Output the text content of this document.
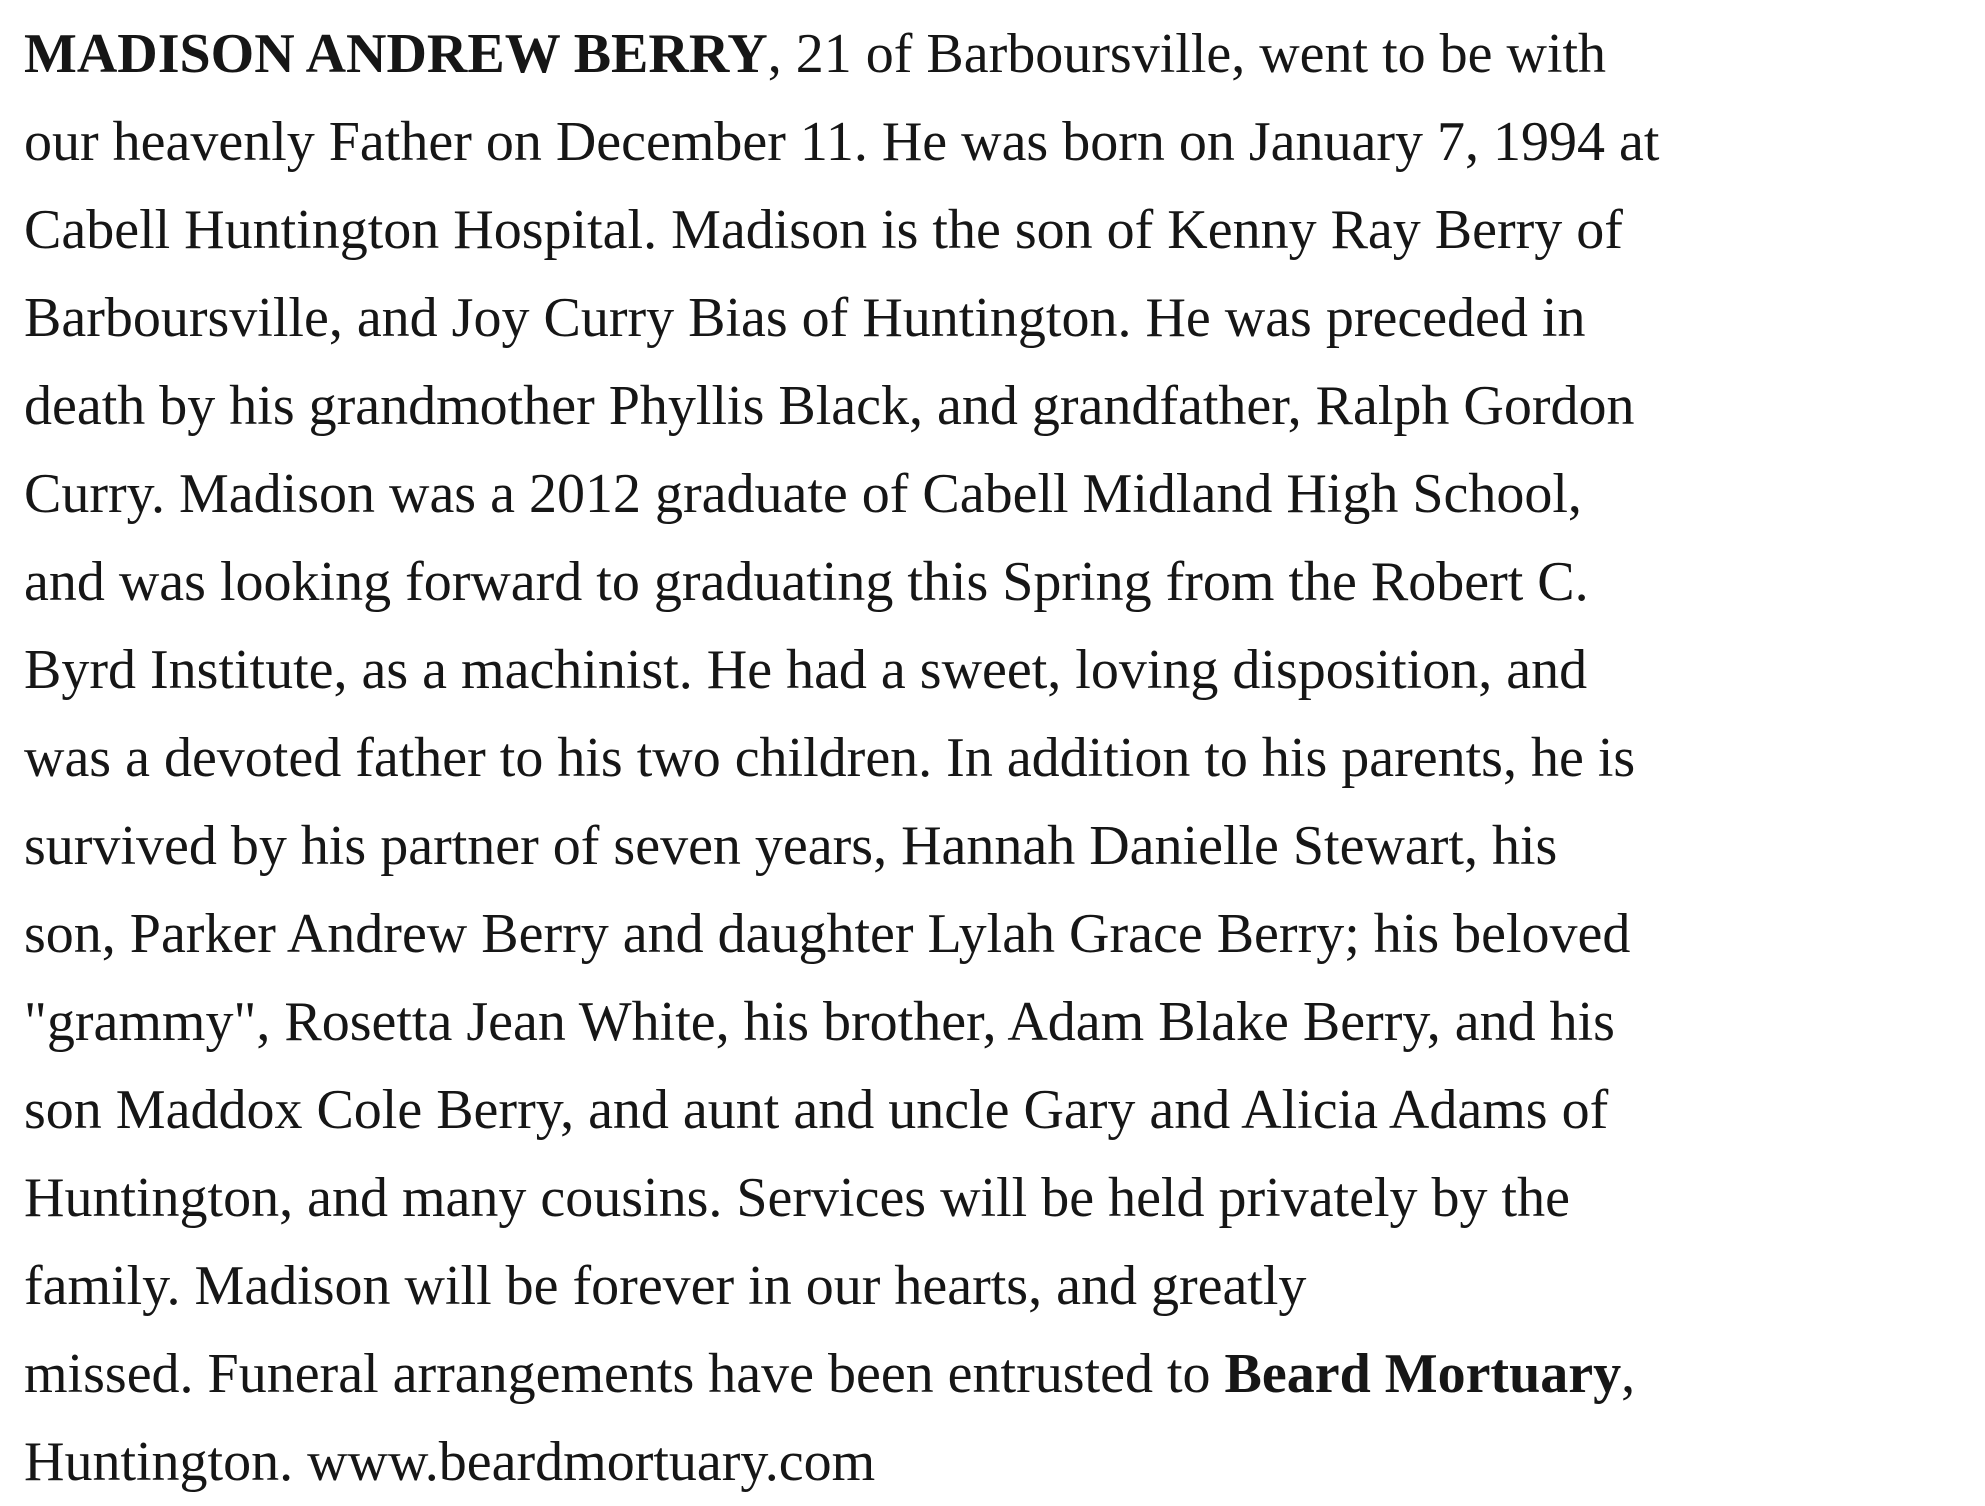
MADISON ANDREW BERRY, 21 of Barboursville, went to be with
our heavenly Father on December 11. He was born on January 7, 1994 at
Cabell Huntington Hospital. Madison is the son of Kenny Ray Berry of
Barboursville, and Joy Curry Bias of Huntington. He was preceded in
death by his grandmother Phyllis Black, and grandfather, Ralph Gordon
Curry. Madison was a 2012 graduate of Cabell Midland High School,
and was looking forward to graduating this Spring from the Robert C.
Byrd Institute, as a machinist. He had a sweet, loving disposition, and
was a devoted father to his two children. In addition to his parents, he is
survived by his partner of seven years, Hannah Danielle Stewart, his
son, Parker Andrew Berry and daughter Lylah Grace Berry; his beloved
"grammy", Rosetta Jean White, his brother, Adam Blake Berry, and his
son Maddox Cole Berry, and aunt and uncle Gary and Alicia Adams of
Huntington, and many cousins. Services will be held privately by the
family. Madison will be forever in our hearts, and greatly
missed. Funeral arrangements have been entrusted to Beard Mortuary,
Huntington. www.beardmortuary.com
